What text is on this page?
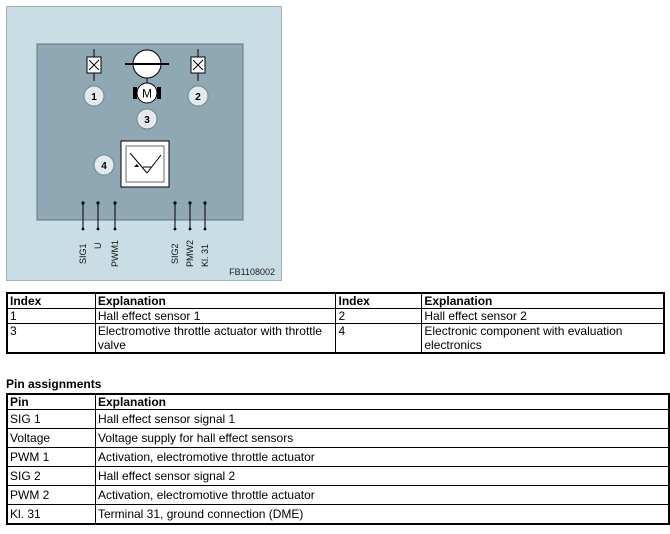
M
1	2
3
4
SIG1 U PWM1	SIG2 PMW2 Kl. 31
FB1108002
Index	Explanation	Index	Explanation
1	Hall effect sensor 1	2	Hall effect sensor 2
3	Electromotive throttle actuator with throttle valve	4	Electronic component with evaluation electronics
Pin assignments
Pin	Explanation
SIG 1	Hall effect sensor signal 1
Voltage	Voltage supply for hall effect sensors
PWM 1	Activation, electromotive throttle actuator
SIG 2	Hall effect sensor signal 2
PWM 2	Activation, electromotive throttle actuator
Kl. 31	Terminal 31, ground connection (DME)
